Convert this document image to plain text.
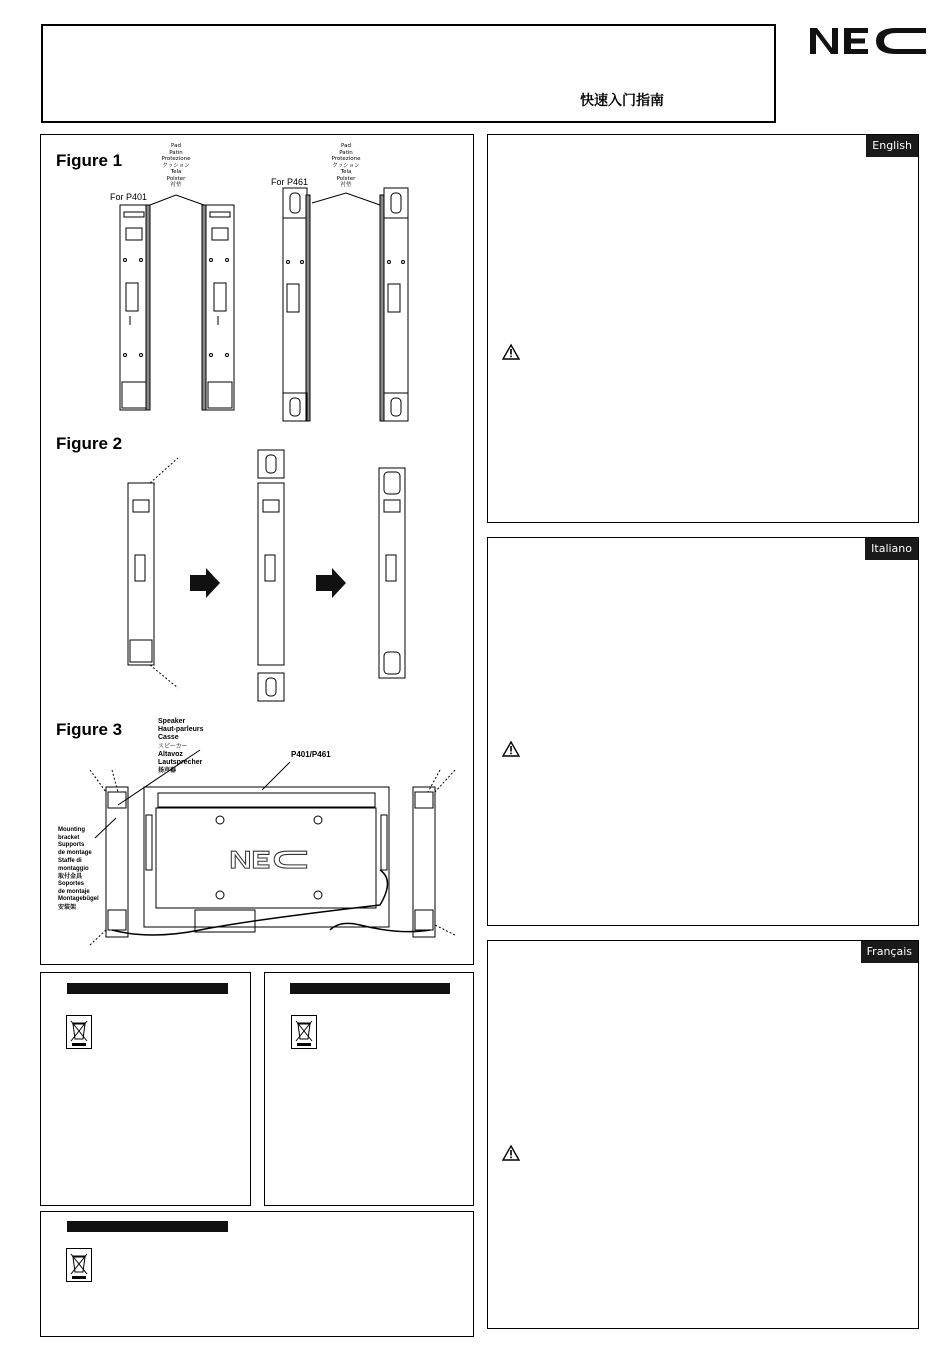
快速入门指南
Figure 1
For P401
For P461
Pad
Patin
Protezione
クッション
Tela
Polster
衬垫
Pad
Patin
Protezione
クッション
Tela
Polster
衬垫
Figure 2
Figure 3	Speaker
Haut-parleurs
Casse
スピーカー
Altavoz
Lautsprecher
扬声器
P401/P461
Mounting
bracket
Supports
de montage
Staffe di
montaggio
取付金具
Soportes
de montaje
Montagebügel
安装架
English
Italiano
Français
